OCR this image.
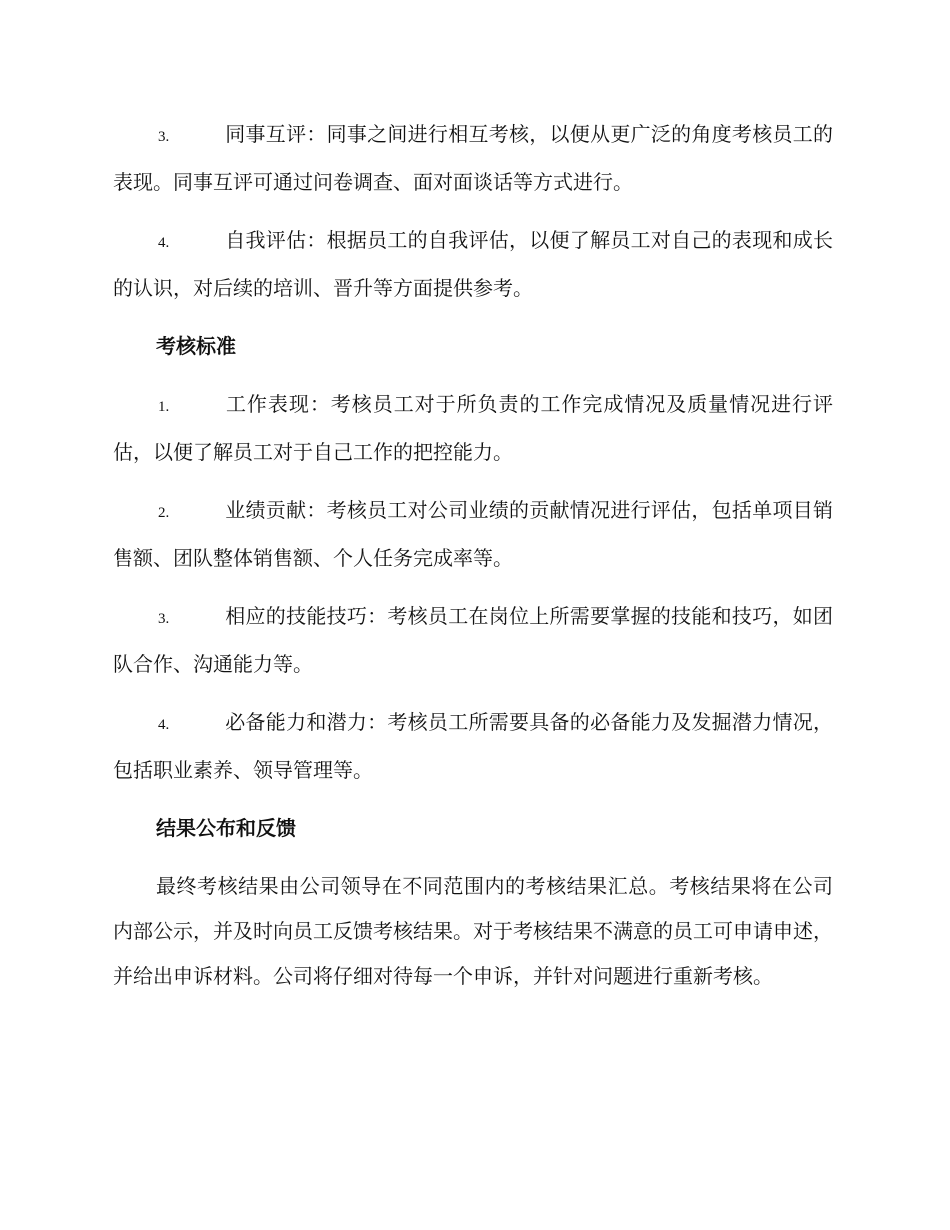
3.	同事互评：同事之间进行相互考核，以便从更广泛的角度考核员工的表现。同事互评可通过问卷调查、面对面谈话等方式进行。
4.	自我评估：根据员工的自我评估，以便了解员工对自己的表现和成长的认识，对后续的培训、晋升等方面提供参考。
考核标准
1.	工作表现：考核员工对于所负责的工作完成情况及质量情况进行评估，以便了解员工对于自己工作的把控能力。
2.	业绩贡献：考核员工对公司业绩的贡献情况进行评估，包括单项目销售额、团队整体销售额、个人任务完成率等。
3.	相应的技能技巧：考核员工在岗位上所需要掌握的技能和技巧，如团队合作、沟通能力等。
4.	必备能力和潜力：考核员工所需要具备的必备能力及发掘潜力情况，包括职业素养、领导管理等。
结果公布和反馈

最终考核结果由公司领导在不同范围内的考核结果汇总。考核结果将在公司内部公示，并及时向员工反馈考核结果。对于考核结果不满意的员工可申请申述，并给出申诉材料。公司将仔细对待每一个申诉，并针对问题进行重新考核。
